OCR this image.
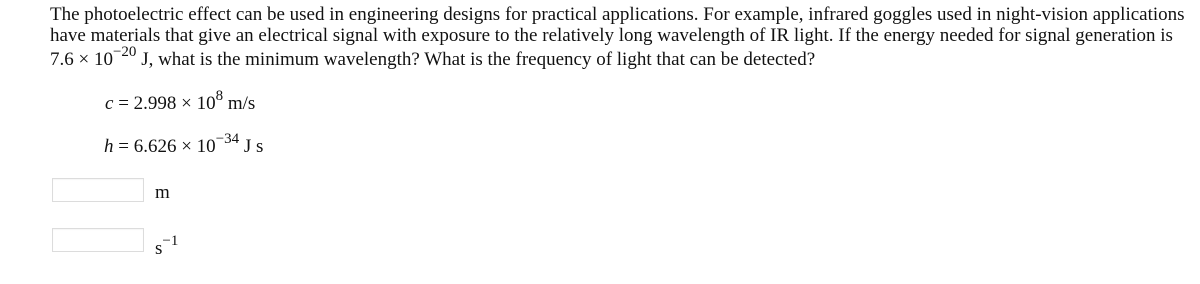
The photoelectric effect can be used in engineering designs for practical applications. For example, infrared goggles used in night-vision applications
have materials that give an electrical signal with exposure to the relatively long wavelength of IR light. If the energy needed for signal generation is
$7.6 \times 10^{-20}$ J, what is the minimum wavelength? What is the frequency of light that can be detected?
$c = 2.998 \times 10^8$ m/s
$h = 6.626 \times 10^{-34}$ J s
m
$s^{-1}$
